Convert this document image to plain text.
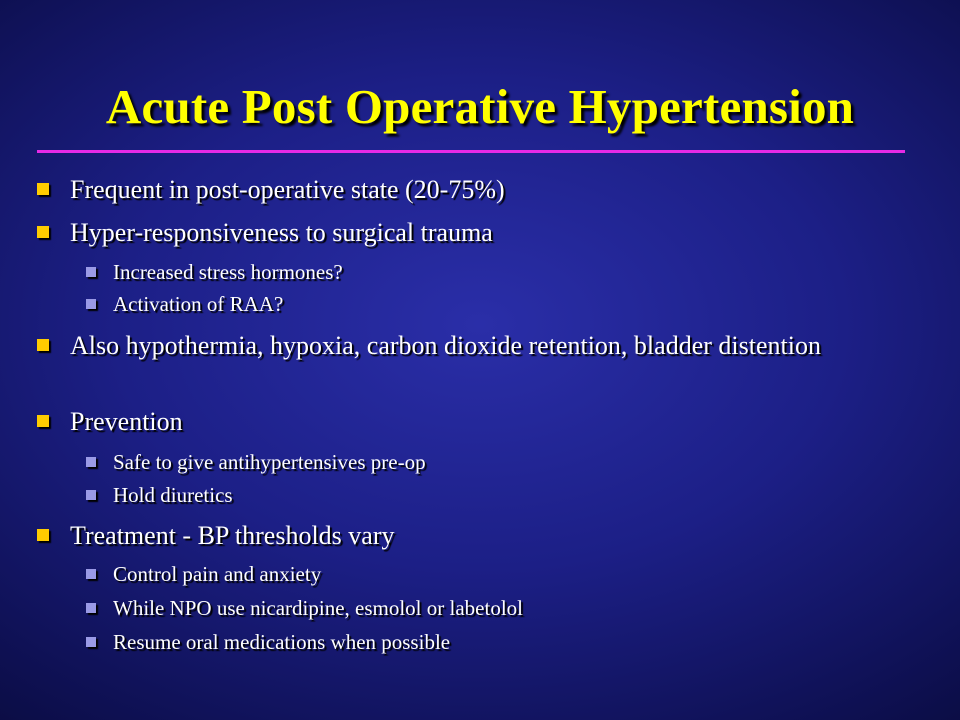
Acute Post Operative Hypertension
Frequent in post-operative state (20-75%)
Hyper-responsiveness to surgical trauma
Increased stress hormones?
Activation of RAA?
Also hypothermia, hypoxia, carbon dioxide retention, bladder distention
Prevention
Safe to give antihypertensives pre-op
Hold diuretics
Treatment - BP thresholds vary
Control pain and anxiety
While NPO use nicardipine, esmolol or labetolol
Resume oral medications when possible
